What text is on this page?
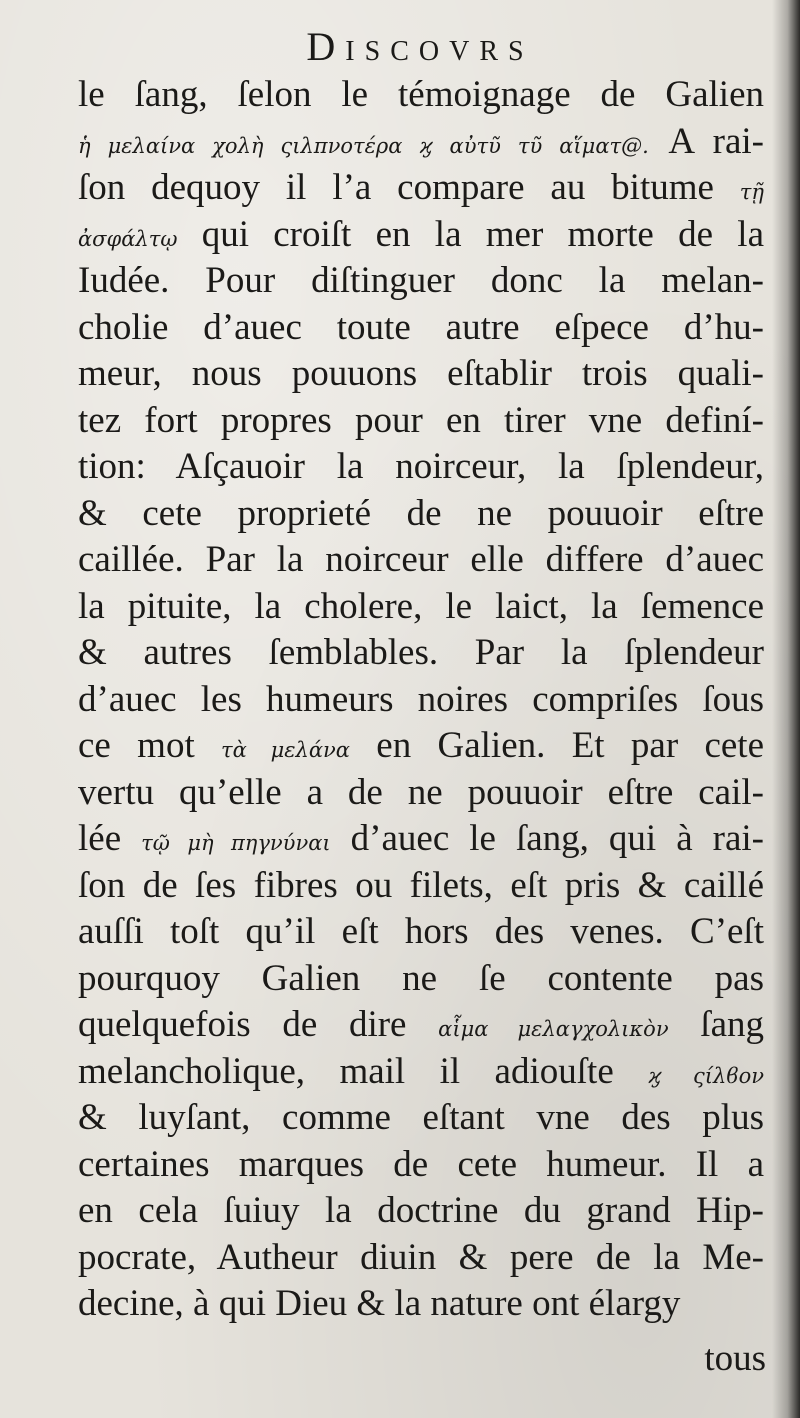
Discovrs
le ſang, ſelon le témoignage de Galien
ἡ μελαίνα χολὴ ςιλπνοτέρα ϗ αὐτῦ τῦ αἵματ@. A rai-
ſon dequoy il l’a compare au bitume τῇ
ἀσφάλτῳ qui croiſt en la mer morte de la
Iudée. Pour diſtinguer donc la melan-
cholie d’auec toute autre eſpece d’hu-
meur, nous pouuons eſtablir trois quali-
tez fort propres pour en tirer vne definí-
tion: Aſçauoir la noirceur, la ſplendeur,
& cete proprieté de ne pouuoir eſtre
caillée. Par la noirceur elle differe d’auec
la pituite, la cholere, le laict, la ſemence
& autres ſemblables. Par la ſplendeur
d’auec les humeurs noires compriſes ſous
ce mot τὰ μελάνα en Galien. Et par cete
vertu qu’elle a de ne pouuoir eſtre cail-
lée τῷ μὴ πηγνύναι d’auec le ſang, qui à rai-
ſon de ſes fibres ou filets, eſt pris & caillé
auſſi toſt qu’il eſt hors des venes. C’eſt
pourquoy Galien ne ſe contente pas
quelquefois de dire αἷμα μελαγχολικὸν ſang
melancholique, mail il adiouſte ϗ ςίλϐον
& luyſant, comme eſtant vne des plus
certaines marques de cete humeur. Il a
en cela ſuiuy la doctrine du grand Hip-
pocrate, Autheur diuin & pere de la Me-
decine, à qui Dieu & la nature ont élargy
tous
